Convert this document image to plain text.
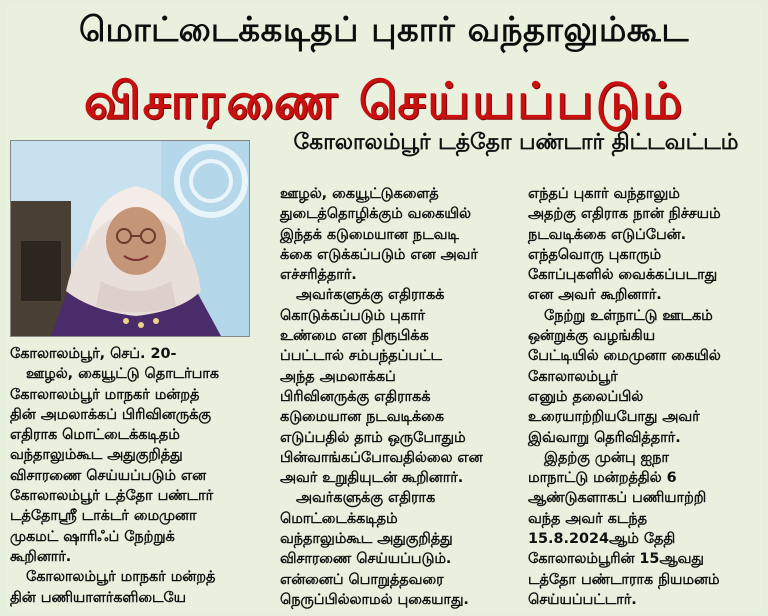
மொட்டைக்கடிதப் புகார் வந்தாலும்கூட
விசாரணை செய்யப்படும்
கோலாலம்பூர் டத்தோ பண்டார் திட்டவட்டம்
கோலாலம்பூர், செப். 20-
ஊழல், கையூட்டு தொடர்பாக
கோலாலம்பூர் மாநகர் மன்றத்
தின் அமலாக்கப் பிரிவினருக்கு
எதிராக மொட்டைக்கடிதம்
வந்தாலும்கூட அதுகுறித்து
விசாரணை செய்யப்படும் என
கோலாலம்பூர் டத்தோ பண்டார்
டத்தோஸ்ரீ டாக்டர் மைமுனா
முகமட் ஷாரிஃப் நேற்றுக்
கூறினார்.
கோலாலம்பூர் மாநகர் மன்றத்
தின் பணியாளர்களிடையே
ஊழல், கையூட்டுகளைத்
துடைத்தொழிக்கும் வகையில்
இந்தக் கடுமையான நடவடி
க்கை எடுக்கப்படும் என அவர்
எச்சரித்தார்.
அவர்களுக்கு எதிராகக்
கொடுக்கப்படும் புகார்
உண்மை என நிரூபிக்க
ப்பட்டால் சம்பந்தப்பட்ட
அந்த அமலாக்கப்
பிரிவினருக்கு எதிராகக்
கடுமையான நடவடிக்கை
எடுப்பதில் தாம் ஒருபோதும்
பின்வாங்கப்போவதில்லை என
அவர் உறுதியுடன் கூறினார்.
அவர்களுக்கு எதிராக
மொட்டைக்கடிதம்
வந்தாலும்கூட அதுகுறித்து
விசாரணை செய்யப்படும்.
என்னைப் பொறுத்தவரை
நெருப்பில்லாமல் புகையாது.
எந்தப் புகார் வந்தாலும்
அதற்கு எதிராக நான் நிச்சயம்
நடவடிக்கை எடுப்பேன்.
எந்தவொரு புகாரும்
கோப்புகளில் வைக்கப்படாது
என அவர் கூறினார்.
நேற்று உள்நாட்டு ஊடகம்
ஒன்றுக்கு வழங்கிய
பேட்டியில் மைமுனா கையில்
கோலாலம்பூர்
எனும் தலைப்பில்
உரையாற்றியபோது அவர்
இவ்வாறு தெரிவித்தார்.
இதற்கு முன்பு ஐநா
மாநாட்டு மன்றத்தில் 6
ஆண்டுகளாகப் பணியாற்றி
வந்த அவர் கடந்த
15.8.2024ஆம் தேதி
கோலாலம்பூரின் 15ஆவது
டத்தோ பண்டாராக நியமனம்
செய்யப்பட்டார்.
